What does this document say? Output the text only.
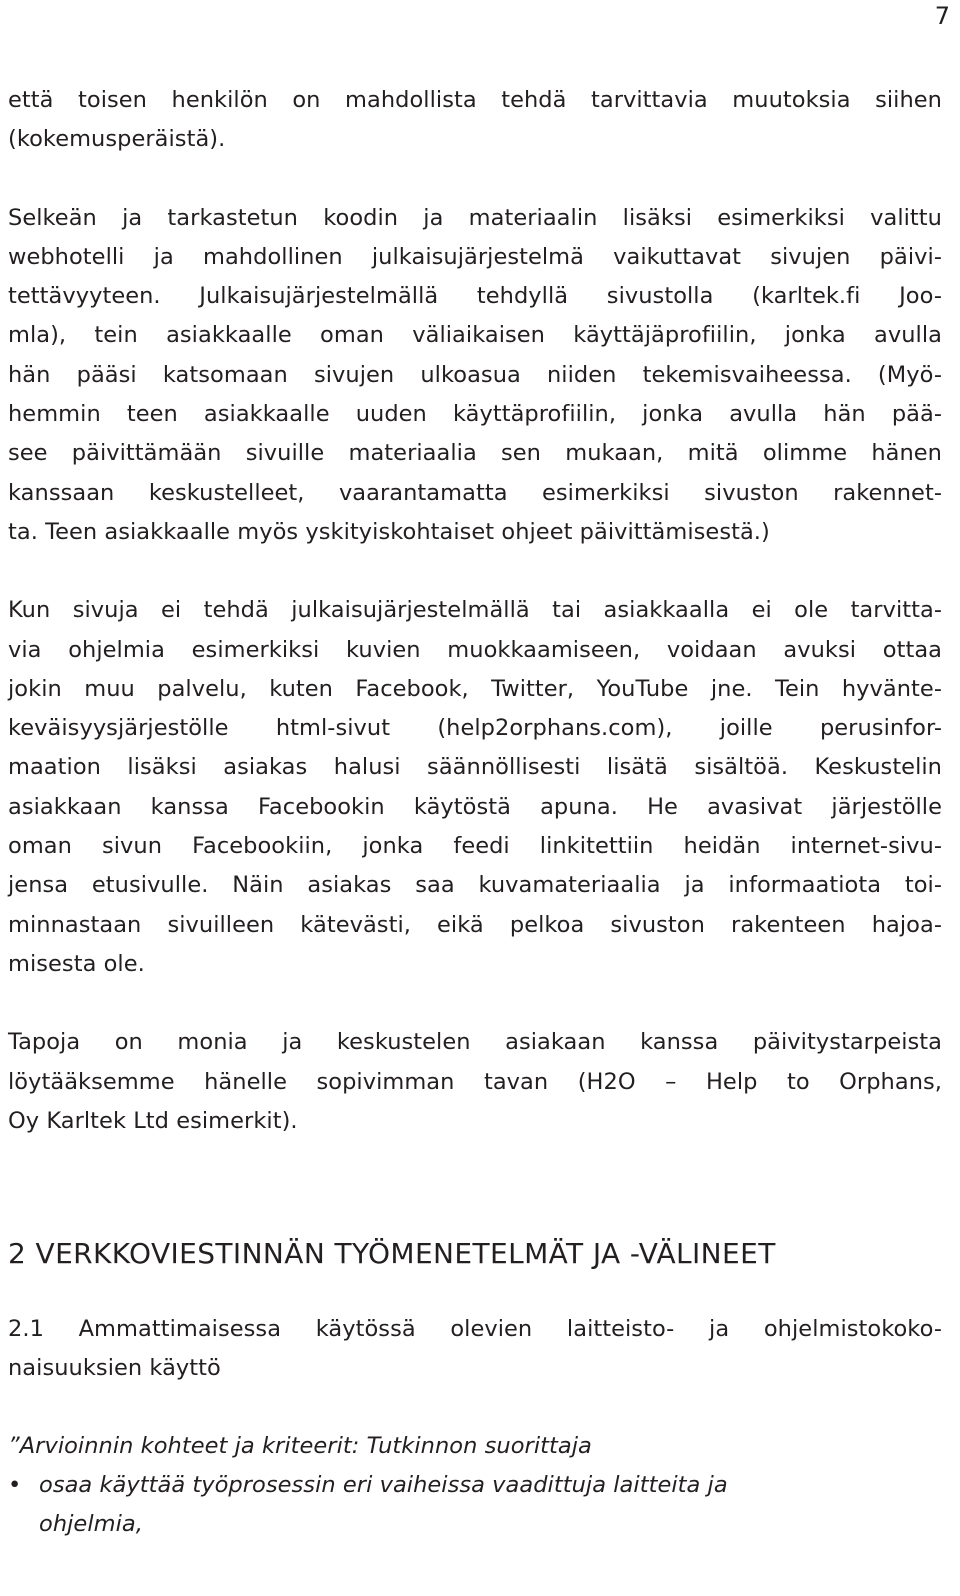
7
että toisen henkilön on mahdollista tehdä tarvittavia muutoksia siihen
(kokemusperäistä).
Selkeän ja tarkastetun koodin ja materiaalin lisäksi esimerkiksi valittu
webhotelli ja mahdollinen julkaisujärjestelmä vaikuttavat sivujen päivi-
tettävyyteen. Julkaisujärjestelmällä tehdyllä sivustolla (karltek.fi Joo-
mla), tein asiakkaalle oman väliaikaisen käyttäjäprofiilin, jonka avulla
hän pääsi katsomaan sivujen ulkoasua niiden tekemisvaiheessa. (Myö-
hemmin teen asiakkaalle uuden käyttäprofiilin, jonka avulla hän pää-
see päivittämään sivuille materiaalia sen mukaan, mitä olimme hänen
kanssaan keskustelleet, vaarantamatta esimerkiksi sivuston rakennet-
ta. Teen asiakkaalle myös yskityiskohtaiset ohjeet päivittämisestä.)
Kun sivuja ei tehdä julkaisujärjestelmällä tai asiakkaalla ei ole tarvitta-
via ohjelmia esimerkiksi kuvien muokkaamiseen, voidaan avuksi ottaa
jokin muu palvelu, kuten Facebook, Twitter, YouTube jne. Tein hyvänte-
keväisyysjärjestölle html-sivut (help2orphans.com), joille perusinfor-
maation lisäksi asiakas halusi säännöllisesti lisätä sisältöä. Keskustelin
asiakkaan kanssa Facebookin käytöstä apuna. He avasivat järjestölle
oman sivun Facebookiin, jonka feedi linkitettiin heidän internet-sivu-
jensa etusivulle. Näin asiakas saa kuvamateriaalia ja informaatiota toi-
minnastaan sivuilleen kätevästi, eikä pelkoa sivuston rakenteen hajoa-
misesta ole.
Tapoja on monia ja keskustelen asiakaan kanssa päivitystarpeista
löytääksemme hänelle sopivimman tavan (H2O – Help to Orphans,
Oy Karltek Ltd esimerkit).
2 VERKKOVIESTINNÄN TYÖMENETELMÄT JA -VÄLINEET
2.1 Ammattimaisessa käytössä olevien laitteisto- ja ohjelmistokoko-
naisuuksien käyttö
”Arvioinnin kohteet ja kriteerit: Tutkinnon suorittaja
• osaa käyttää työprosessin eri vaiheissa vaadittuja laitteita ja
ohjelmia,
